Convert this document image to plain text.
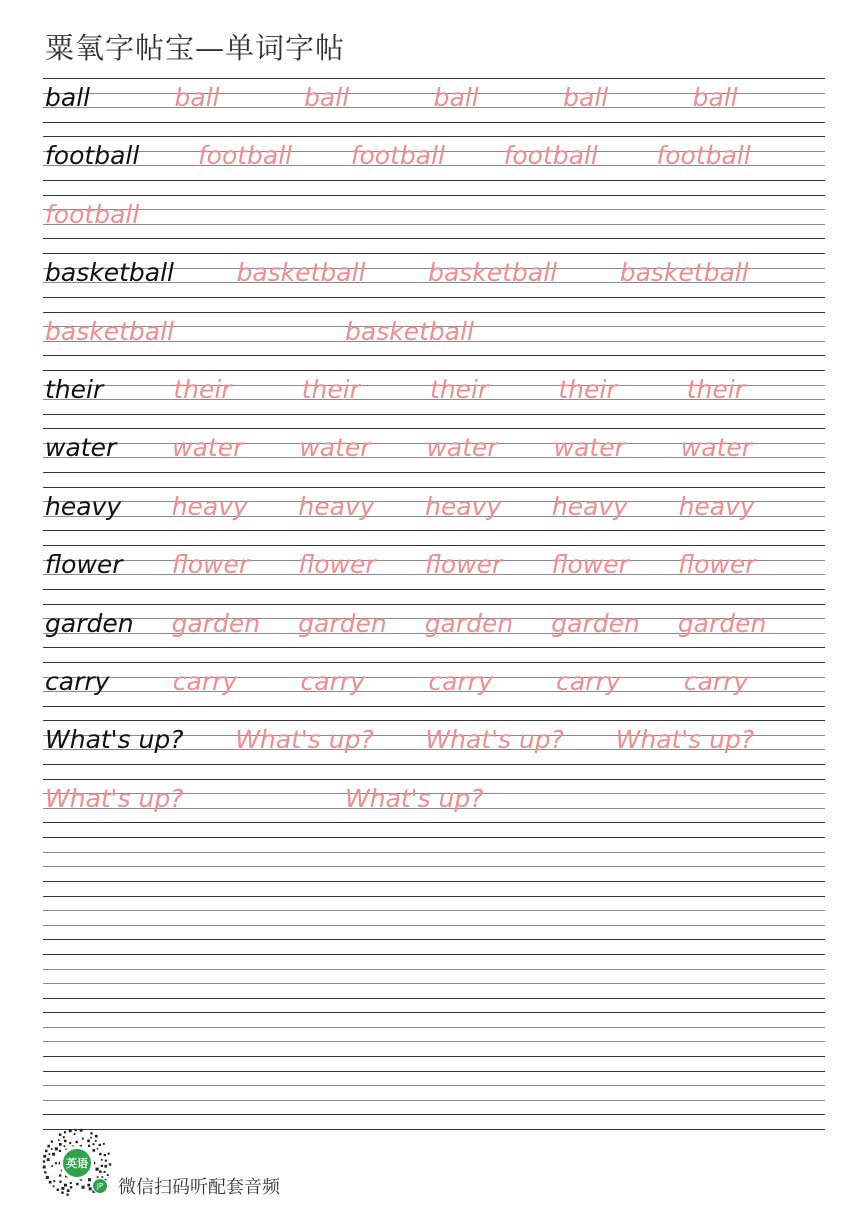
粟氧字帖宝—单词字帖
ball	ball	ball	ball	ball	ball
football football football football football
football
basketball	basketball	basketball	basketball
basketball	basketball
their	their	their	their	their	their
water water water water water water
heavy heavy heavy heavy heavy heavy
flower flower flower flower flower flower
garden garden garden garden garden garden
carry	carry	carry	carry	carry	carry
What's up? What's up? What's up? What's up?
What's up?	What's up?
英语
JP 微信扫码听配套音频
